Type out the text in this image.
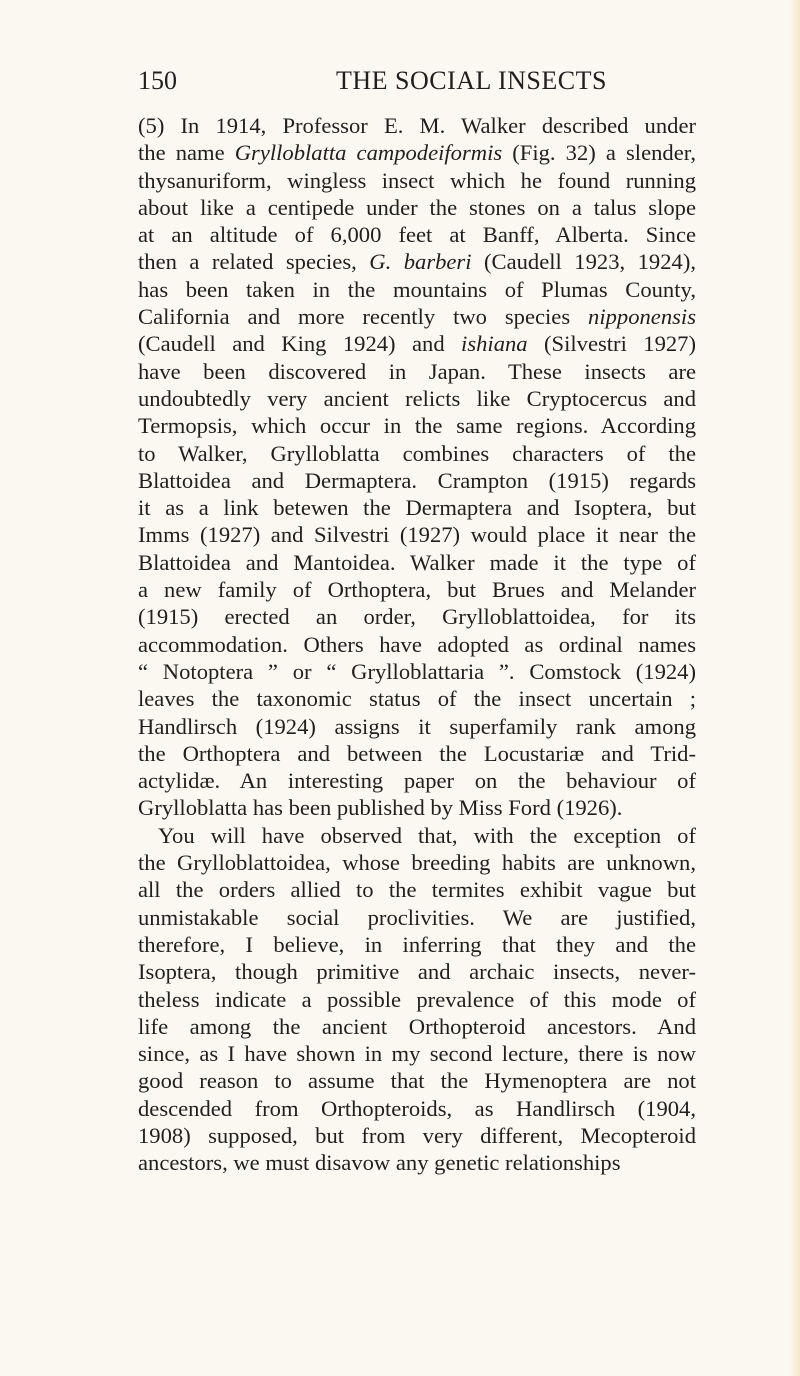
150	THE SOCIAL INSECTS
(5) In 1914, Professor E. M. Walker described under
the name Grylloblatta campodeiformis (Fig. 32) a slender,
thysanuriform, wingless insect which he found running
about like a centipede under the stones on a talus slope
at an altitude of 6,000 feet at Banff, Alberta. Since
then a related species, G. barberi (Caudell 1923, 1924),
has been taken in the mountains of Plumas County,
California and more recently two species nipponensis
(Caudell and King 1924) and ishiana (Silvestri 1927)
have been discovered in Japan. These insects are
undoubtedly very ancient relicts like Cryptocercus and
Termopsis, which occur in the same regions. According
to Walker, Grylloblatta combines characters of the
Blattoidea and Dermaptera. Crampton (1915) regards
it as a link betewen the Dermaptera and Isoptera, but
Imms (1927) and Silvestri (1927) would place it near the
Blattoidea and Mantoidea. Walker made it the type of
a new family of Orthoptera, but Brues and Melander
(1915) erected an order, Grylloblattoidea, for its
accommodation. Others have adopted as ordinal names
“ Notoptera ” or “ Grylloblattaria ”. Comstock (1924)
leaves the taxonomic status of the insect uncertain ;
Handlirsch (1924) assigns it superfamily rank among
the Orthoptera and between the Locustariæ and Trid-
actylidæ. An interesting paper on the behaviour of
Grylloblatta has been published by Miss Ford (1926).
You will have observed that, with the exception of
the Grylloblattoidea, whose breeding habits are unknown,
all the orders allied to the termites exhibit vague but
unmistakable social proclivities. We are justified,
therefore, I believe, in inferring that they and the
Isoptera, though primitive and archaic insects, never-
theless indicate a possible prevalence of this mode of
life among the ancient Orthopteroid ancestors. And
since, as I have shown in my second lecture, there is now
good reason to assume that the Hymenoptera are not
descended from Orthopteroids, as Handlirsch (1904,
1908) supposed, but from very different, Mecopteroid
ancestors, we must disavow any genetic relationships
